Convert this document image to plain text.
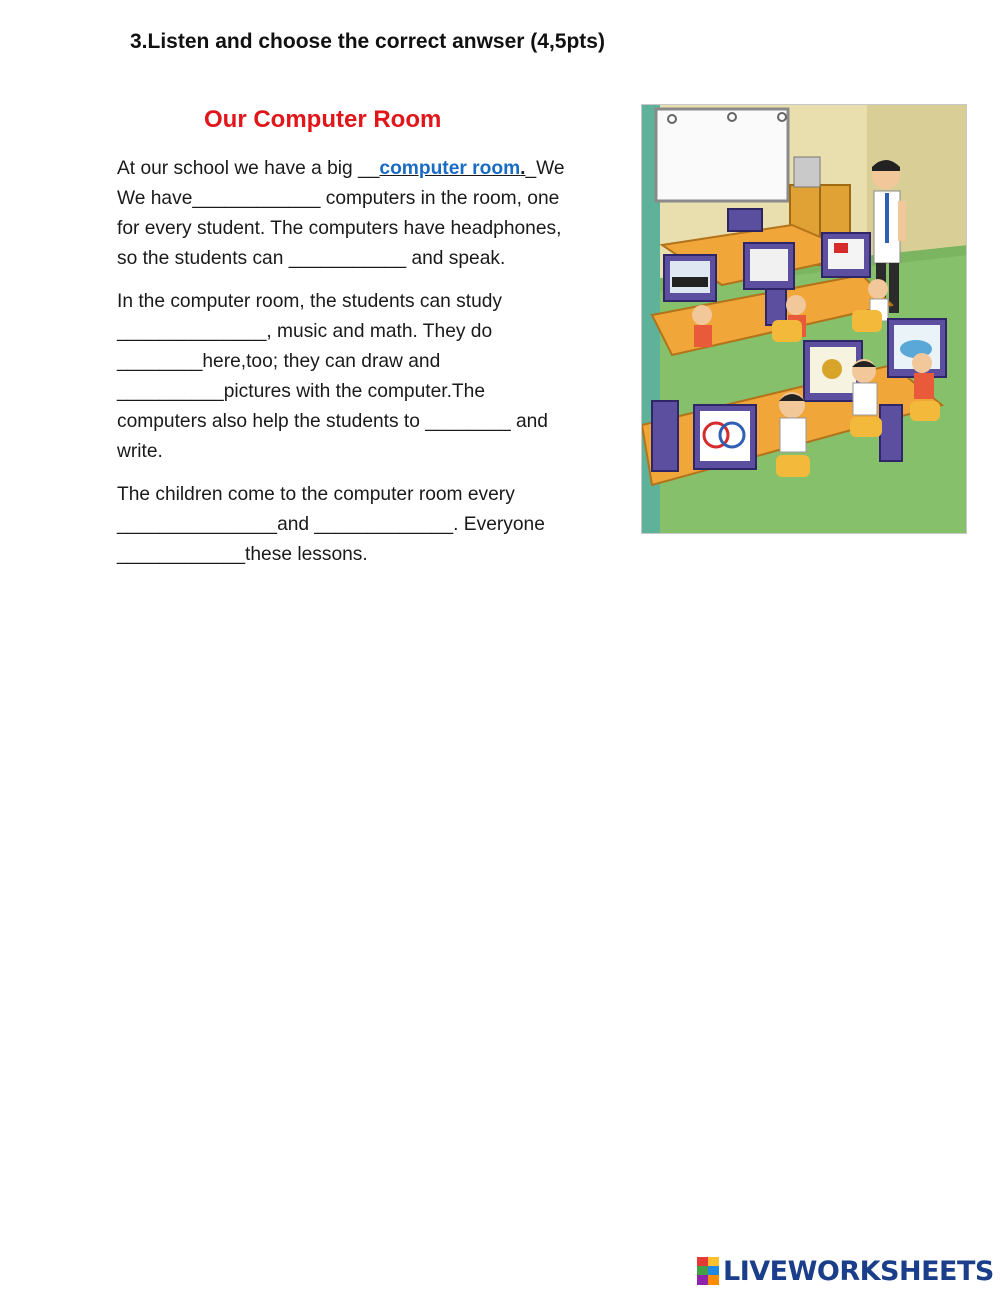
3.Listen and choose the correct anwser (4,5pts)
Our Computer Room
At our school we have a big __computer room._We
We have____________ computers in the room, one
for every student. The computers have headphones,
so the students can ___________ and speak.
In the computer room, the students can study
______________, music and math. They do
________here,too; they can draw and
__________pictures with the computer.The
computers also help the students to ________ and
write.
The children come to the computer room every
_______________and _____________. Everyone
____________these lessons.
LIVEWORKSHEETS
